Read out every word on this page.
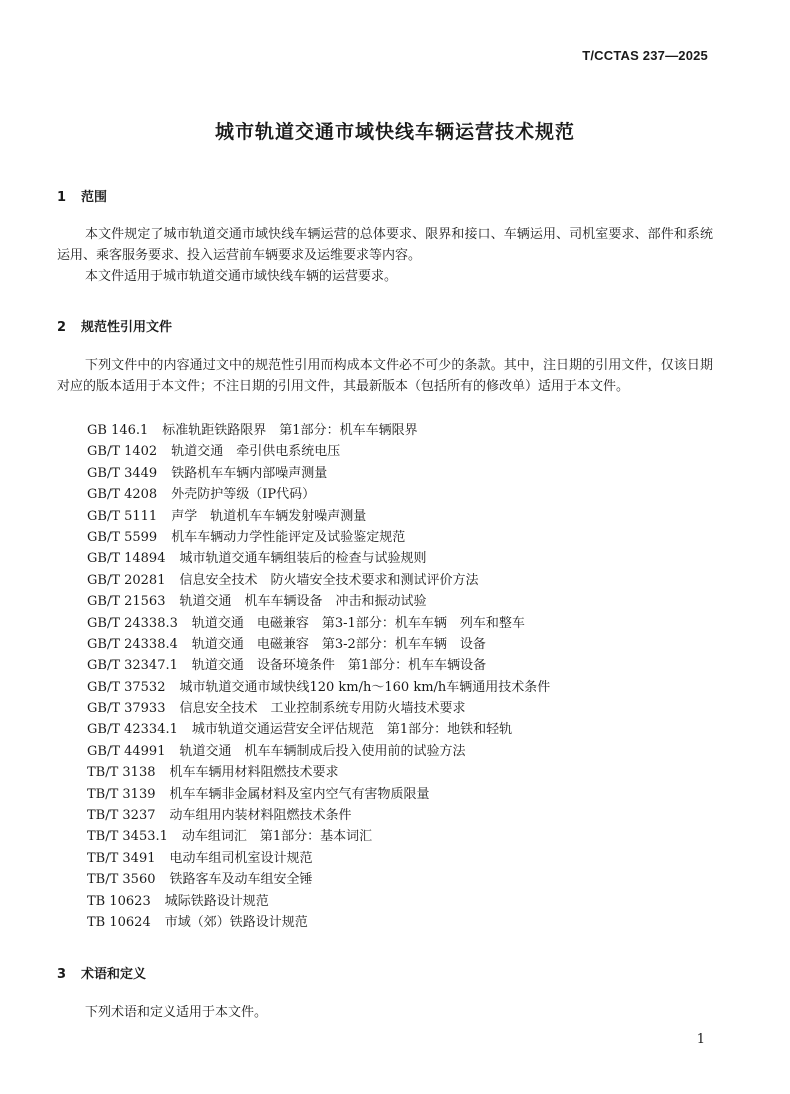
T/CCTAS 237—2025
城市轨道交通市域快线车辆运营技术规范
1 范围

本文件规定了城市轨道交通市域快线车辆运营的总体要求、限界和接口、车辆运用、司机室要求、部件和系统运用、乘客服务要求、投入运营前车辆要求及运维要求等内容。

本文件适用于城市轨道交通市域快线车辆的运营要求。

2 规范性引用文件

下列文件中的内容通过文中的规范性引用而构成本文件必不可少的条款。其中，注日期的引用文件，仅该日期对应的版本适用于本文件；不注日期的引用文件，其最新版本（包括所有的修改单）适用于本文件。

GB 146.1 标准轨距铁路限界　第1部分：机车车辆限界
GB/T 1402 轨道交通　牵引供电系统电压
GB/T 3449 铁路机车车辆内部噪声测量
GB/T 4208 外壳防护等级（IP代码）
GB/T 5111 声学　轨道机车车辆发射噪声测量
GB/T 5599 机车车辆动力学性能评定及试验鉴定规范
GB/T 14894 城市轨道交通车辆组装后的检查与试验规则
GB/T 20281 信息安全技术　防火墙安全技术要求和测试评价方法
GB/T 21563 轨道交通　机车车辆设备　冲击和振动试验
GB/T 24338.3 轨道交通　电磁兼容　第3-1部分：机车车辆　列车和整车
GB/T 24338.4 轨道交通　电磁兼容　第3-2部分：机车车辆　设备
GB/T 32347.1 轨道交通　设备环境条件　第1部分：机车车辆设备
GB/T 37532 城市轨道交通市域快线120 km/h～160 km/h车辆通用技术条件
GB/T 37933 信息安全技术　工业控制系统专用防火墙技术要求
GB/T 42334.1 城市轨道交通运营安全评估规范　第1部分：地铁和轻轨
GB/T 44991 轨道交通　机车车辆制成后投入使用前的试验方法
TB/T 3138 机车车辆用材料阻燃技术要求
TB/T 3139 机车车辆非金属材料及室内空气有害物质限量
TB/T 3237 动车组用内装材料阻燃技术条件
TB/T 3453.1 动车组词汇　第1部分：基本词汇
TB/T 3491 电动车组司机室设计规范
TB/T 3560 铁路客车及动车组安全锤
TB 10623 城际铁路设计规范
TB 10624 市域（郊）铁路设计规范
3 术语和定义

下列术语和定义适用于本文件。

1
